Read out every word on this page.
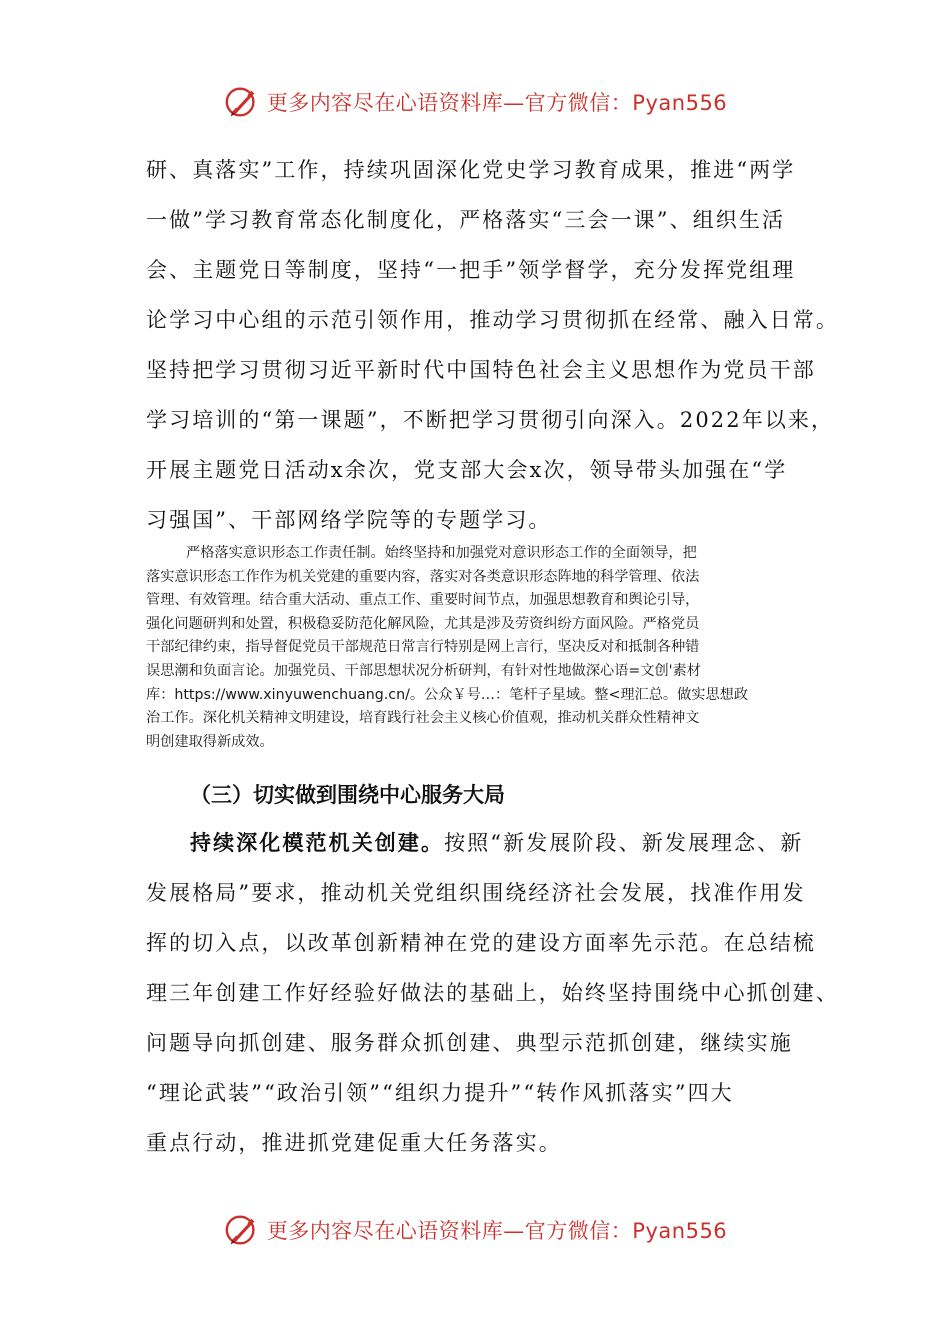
更多内容尽在心语资料库—官方微信：Pyan556
研、真落实”工作，持续巩固深化党史学习教育成果，推进“两学
一做”学习教育常态化制度化，严格落实“三会一课”、组织生活
会、主题党日等制度，坚持“一把手”领学督学，充分发挥党组理
论学习中心组的示范引领作用，推动学习贯彻抓在经常、融入日常。
坚持把学习贯彻习近平新时代中国特色社会主义思想作为党员干部
学习培训的“第一课题”，不断把学习贯彻引向深入。2022年以来，
开展主题党日活动x余次，党支部大会x次，领导带头加强在“学
习强国”、干部网络学院等的专题学习。
严格落实意识形态工作责任制。始终坚持和加强党对意识形态工作的全面领导，把
落实意识形态工作作为机关党建的重要内容，落实对各类意识形态阵地的科学管理、依法
管理、有效管理。结合重大活动、重点工作、重要时间节点，加强思想教育和舆论引导，
强化问题研判和处置，积极稳妥防范化解风险，尤其是涉及劳资纠纷方面风险。严格党员
干部纪律约束，指导督促党员干部规范日常言行特别是网上言行，坚决反对和抵制各种错
误思潮和负面言论。加强党员、干部思想状况分析研判，有针对性地做深心语=文创'素材
库：https://www.xinyuwenchuang.cn/。公众￥号…：笔杆子星域。整<理汇总。做实思想政
治工作。深化机关精神文明建设，培育践行社会主义核心价值观，推动机关群众性精神文
明创建取得新成效。
（三）切实做到围绕中心服务大局
持续深化模范机关创建。按照“新发展阶段、新发展理念、新
发展格局”要求，推动机关党组织围绕经济社会发展，找准作用发
挥的切入点，以改革创新精神在党的建设方面率先示范。在总结梳
理三年创建工作好经验好做法的基础上，始终坚持围绕中心抓创建、
问题导向抓创建、服务群众抓创建、典型示范抓创建，继续实施
“理论武装”“政治引领”“组织力提升”“转作风抓落实”四大
重点行动，推进抓党建促重大任务落实。
更多内容尽在心语资料库—官方微信：Pyan556
